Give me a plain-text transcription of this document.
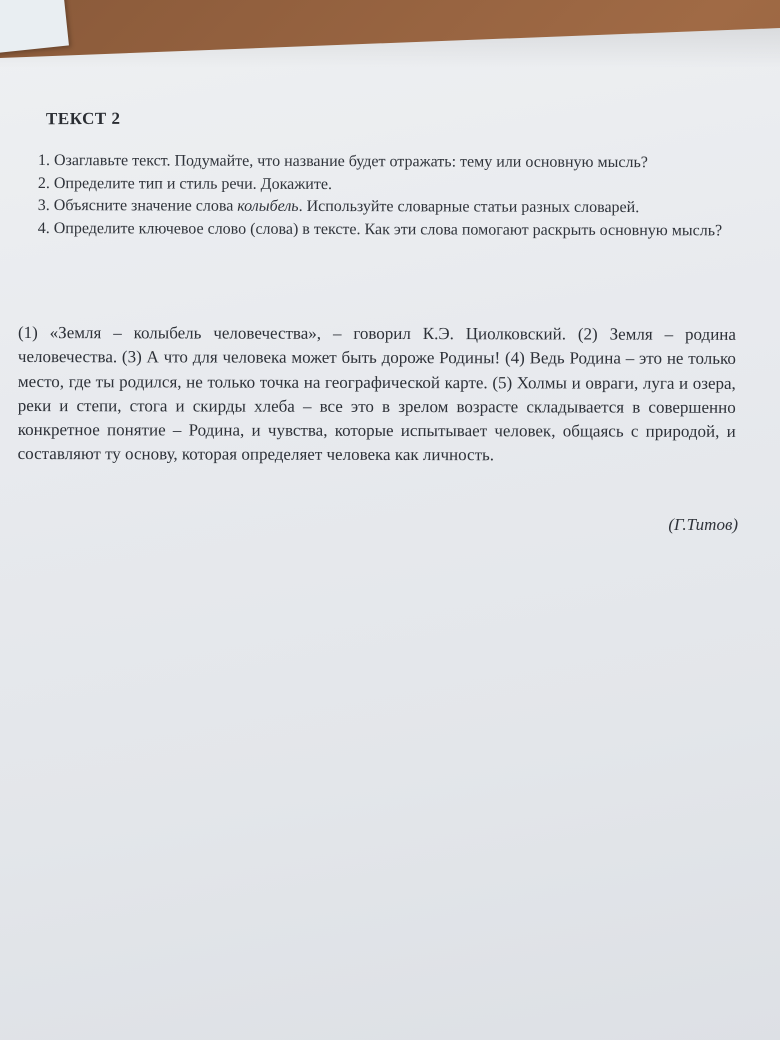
ТЕКСТ 2

1. Озаглавьте текст. Подумайте, что название будет отражать: тему или основную мысль?

2. Определите тип и стиль речи. Докажите.

3. Объясните значение слова колыбель. Используйте словарные статьи разных словарей.

4. Определите ключевое слово (слова) в тексте. Как эти слова помогают раскрыть основную мысль?

(1) «Земля – колыбель человечества», – говорил К.Э. Циолковский. (2) Земля – родина человечества. (3) А что для человека может быть дороже Родины! (4) Ведь Родина – это не только место, где ты родился, не только точка на географической карте. (5) Холмы и овраги, луга и озера, реки и степи, стога и скирды хлеба – все это в зрелом возрасте складывается в совершенно конкретное понятие – Родина, и чувства, которые испытывает человек, общаясь с природой, и составляют ту основу, которая определяет человека как личность.

(Г.Титов)
